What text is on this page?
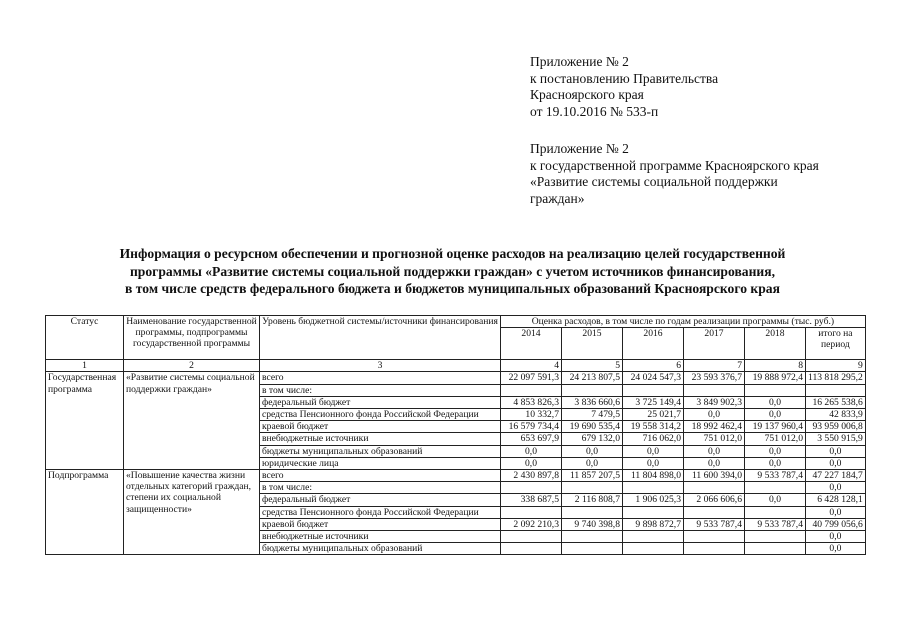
Приложение № 2
к постановлению Правительства
Красноярского края
от 19.10.2016 № 533-п
Приложение № 2
к государственной программе Красноярского края
«Развитие системы социальной поддержки
граждан»
Информация о ресурсном обеспечении и прогнозной оценке расходов на реализацию целей государственной
программы «Развитие системы социальной поддержки граждан» с учетом источников финансирования,
в том числе средств федерального бюджета и бюджетов муниципальных образований Красноярского края
Статус	Наименование государственной программы, подпрограммы государственной программы	Уровень бюджетной системы/источники финансирования	Оценка расходов, в том числе по годам реализации программы (тыс. руб.)					
			2014	2015	2016	2017	2018	итого на период
1	2	3	4	5	6	7	8	9
Государственная программа	«Развитие системы социальной поддержки граждан»	всего	22 097 591,3	24 213 807,5	24 024 547,3	23 593 376,7	19 888 972,4	113 818 295,2
		в том числе:						
		федеральный бюджет	4 853 826,3	3 836 660,6	3 725 149,4	3 849 902,3	0,0	16 265 538,6
		средства Пенсионного фонда Российской Федерации	10 332,7	7 479,5	25 021,7	0,0	0,0	42 833,9
		краевой бюджет	16 579 734,4	19 690 535,4	19 558 314,2	18 992 462,4	19 137 960,4	93 959 006,8
		внебюджетные источники	653 697,9	679 132,0	716 062,0	751 012,0	751 012,0	3 550 915,9
		бюджеты муниципальных образований	0,0	0,0	0,0	0,0	0,0	0,0
		юридические лица	0,0	0,0	0,0	0,0	0,0	0,0
Подпрограмма	«Повышение качества жизни отдельных категорий граждан, степени их социальной защищенности»	всего	2 430 897,8	11 857 207,5	11 804 898,0	11 600 394,0	9 533 787,4	47 227 184,7
		в том числе:						0,0
		федеральный бюджет	338 687,5	2 116 808,7	1 906 025,3	2 066 606,6	0,0	6 428 128,1
		средства Пенсионного фонда Российской Федерации						0,0
		краевой бюджет	2 092 210,3	9 740 398,8	9 898 872,7	9 533 787,4	9 533 787,4	40 799 056,6
		внебюджетные источники						0,0
		бюджеты муниципальных образований						0,0
